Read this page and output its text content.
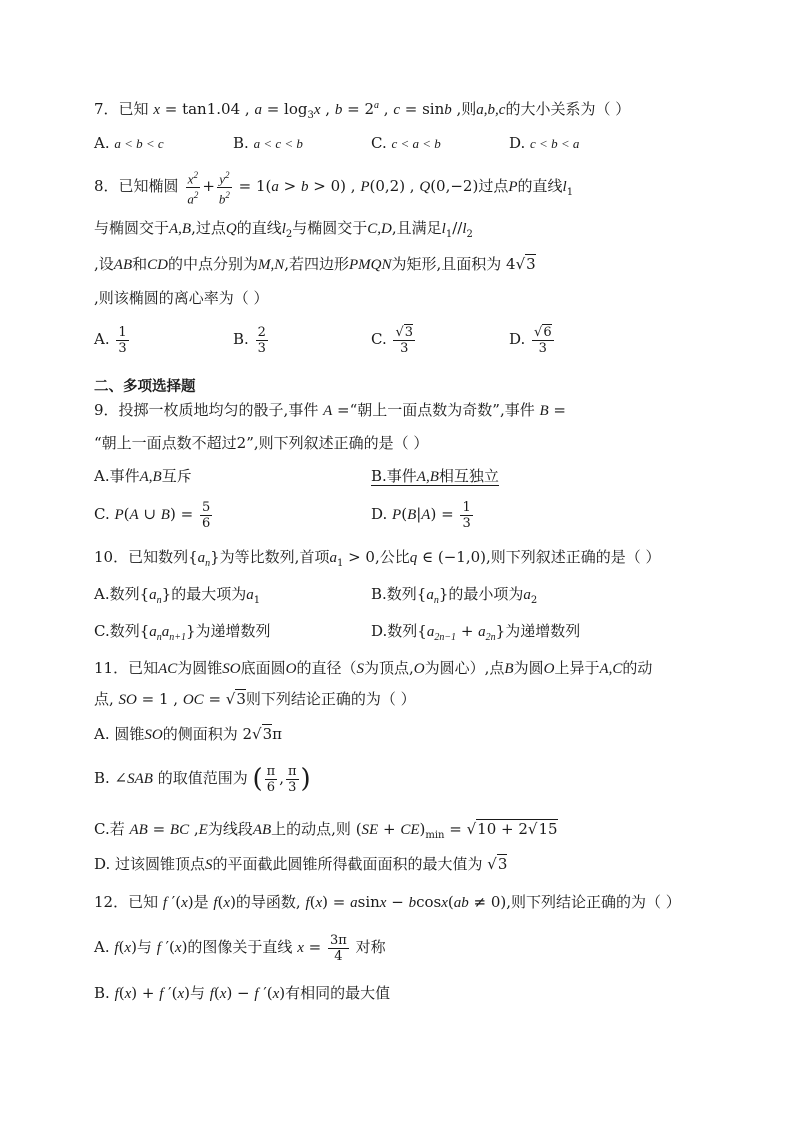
7．已知 x = tan1.04 , $a = \log_3x$ , $b = 2^a$ , c = sinb ,则a,b,c的大小关系为（ ）
A. a < b < c	B. a < c < b	C. c < a < b	D. c < b < a
8．已知椭圆 $\frac{x^2}{a^2} + \frac{y^2}{b^2} = 1(a > b > 0)$ , P(0,2) , Q(0,−2)过点P的直线$l_1$
与椭圆交于A,B,过点Q的直线$l_2$与椭圆交于C,D,且满足$l_1//l_2$
,设AB和CD的中点分别为M,N,若四边形PMQN为矩形,且面积为 4√3
,则该椭圆的离心率为（ ）
A. $\frac{1}{3}$	B. $\frac{2}{3}$	C. $\frac{√3}{3}$	D. $\frac{√6}{3}$
二、多项选择题
9．投掷一枚质地均匀的骰子,事件 A =“朝上一面点数为奇数”,事件 B =
“朝上一面点数不超过2”,则下列叙述正确的是（ ）
A.事件A,B互斥	B.事件A,B相互独立
C. P(A ∪ $B) = \frac{5}{6}$	D. $P(B|A) = \frac{1}{3}$
10．已知数列$\{a_n\}$为等比数列,首项$a_1 > 0$,公比q ∈ (−1,0),则下列叙述正确的是（ ）
A.数列$\{a_n\}$的最大项为$a_1$	B.数列$\{a_n\}$的最小项为$a_2$
C.数列$\{a_na_{n+1}\}$为递增数列	D.数列$\{a_{2n-1} + a_{2n}\}$为递增数列
11．已知AC为圆锥SO底面圆O的直径（S为顶点,O为圆心）,点B为圆O上异于A,C的动
点, SO = 1 , OC = √3则下列结论正确的为（ ）
A. 圆锥SO的侧面积为 2√3π
B. ∠SAB 的取值范围为 ( $\frac{\pi}{6}$ , $\frac{\pi}{3}$ )
C.若 AB = BC ,E为线段AB上的动点,则 $(SE + CE)_{min} = √10 + 2√15$
D. 过该圆锥顶点S的平面截此圆锥所得截面面积的最大值为 √3
12．已知 f ′(x)是 f(x)的导函数, f(x) = asinx − bcosx(ab ≠ 0),则下列结论正确的为（ ）
A. f(x)与 f ′(x)的图像关于直线 $x = \frac{3\pi}{4}$ 对称
B. f(x) + f ′(x)与 f(x) − f ′(x)有相同的最大值
